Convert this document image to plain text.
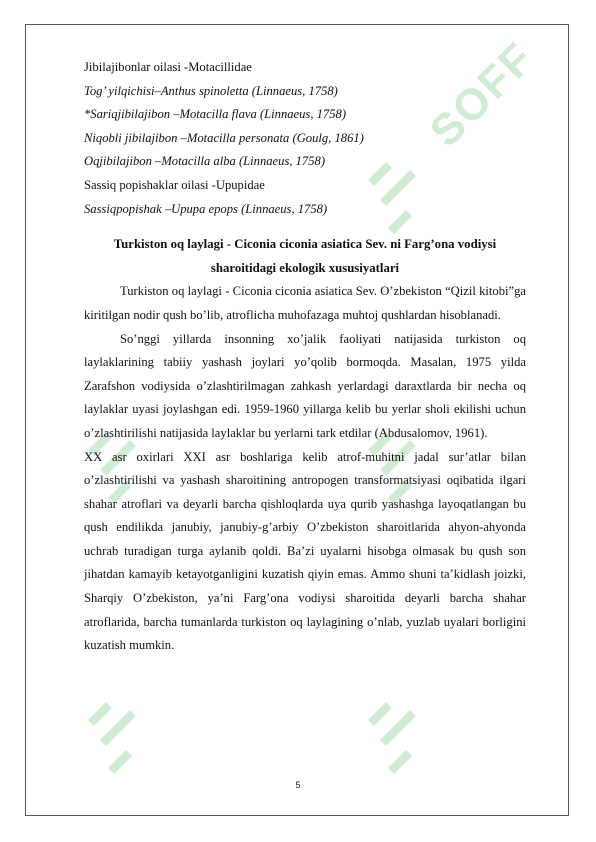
SOFF
Jibilajibonlar oilasi -Motacillidae
Tog’ yilqichisi–Anthus spinoletta (Linnaeus, 1758)
*Sariqjibilajibon –Motacilla flava (Linnaeus, 1758)
Niqobli jibilajibon –Motacilla personata (Goulg, 1861)
Oqjibilajibon –Motacilla alba (Linnaeus, 1758)
Sassiq popishaklar oilasi -Upupidae
Sassiqpopishak –Upupa epops (Linnaeus, 1758)
Turkiston oq laylagi - Ciconia ciconia asiatica Sev. ni Farg’ona vodiysi sharoitidagi ekologik xususiyatlari
Turkiston oq laylagi - Ciconia ciconia asiatica Sev. O’zbekiston “Qizil kitobi”ga kiritilgan nodir qush bo’lib, atroflicha muhofazaga muhtoj qushlardan hisoblanadi.
So’nggi yillarda insonning xo’jalik faoliyati natijasida turkiston oq laylaklarining tabiiy yashash joylari yo’qolib bormoqda. Masalan, 1975 yilda Zarafshon vodiysida o’zlashtirilmagan zahkash yerlardagi daraxtlarda bir necha oq laylaklar uyasi joylashgan edi. 1959-1960 yillarga kelib bu yerlar sholi ekilishi uchun o’zlashtirilishi natijasida laylaklar bu yerlarni tark etdilar (Abdusalomov, 1961).
XX asr oxirlari XXI asr boshlariga kelib atrof-muhitni jadal sur’atlar bilan o’zlashtirilishi va yashash sharoitining antropogen transformatsiyasi oqibatida ilgari shahar atroflari va deyarli barcha qishloqlarda uya qurib yashashga layoqatlangan bu qush endilikda janubiy, janubiy-g’arbiy O’zbekiston sharoitlarida ahyon-ahyonda uchrab turadigan turga aylanib qoldi. Ba’zi uyalarni hisobga olmasak bu qush son jihatdan kamayib ketayotganligini kuzatish qiyin emas. Ammo shuni ta’kidlash joizki, Sharqiy O’zbekiston, ya’ni Farg’ona vodiysi sharoitida deyarli barcha shahar atroflarida, barcha tumanlarda turkiston oq laylagining o’nlab, yuzlab uyalari borligini kuzatish mumkin.
5
